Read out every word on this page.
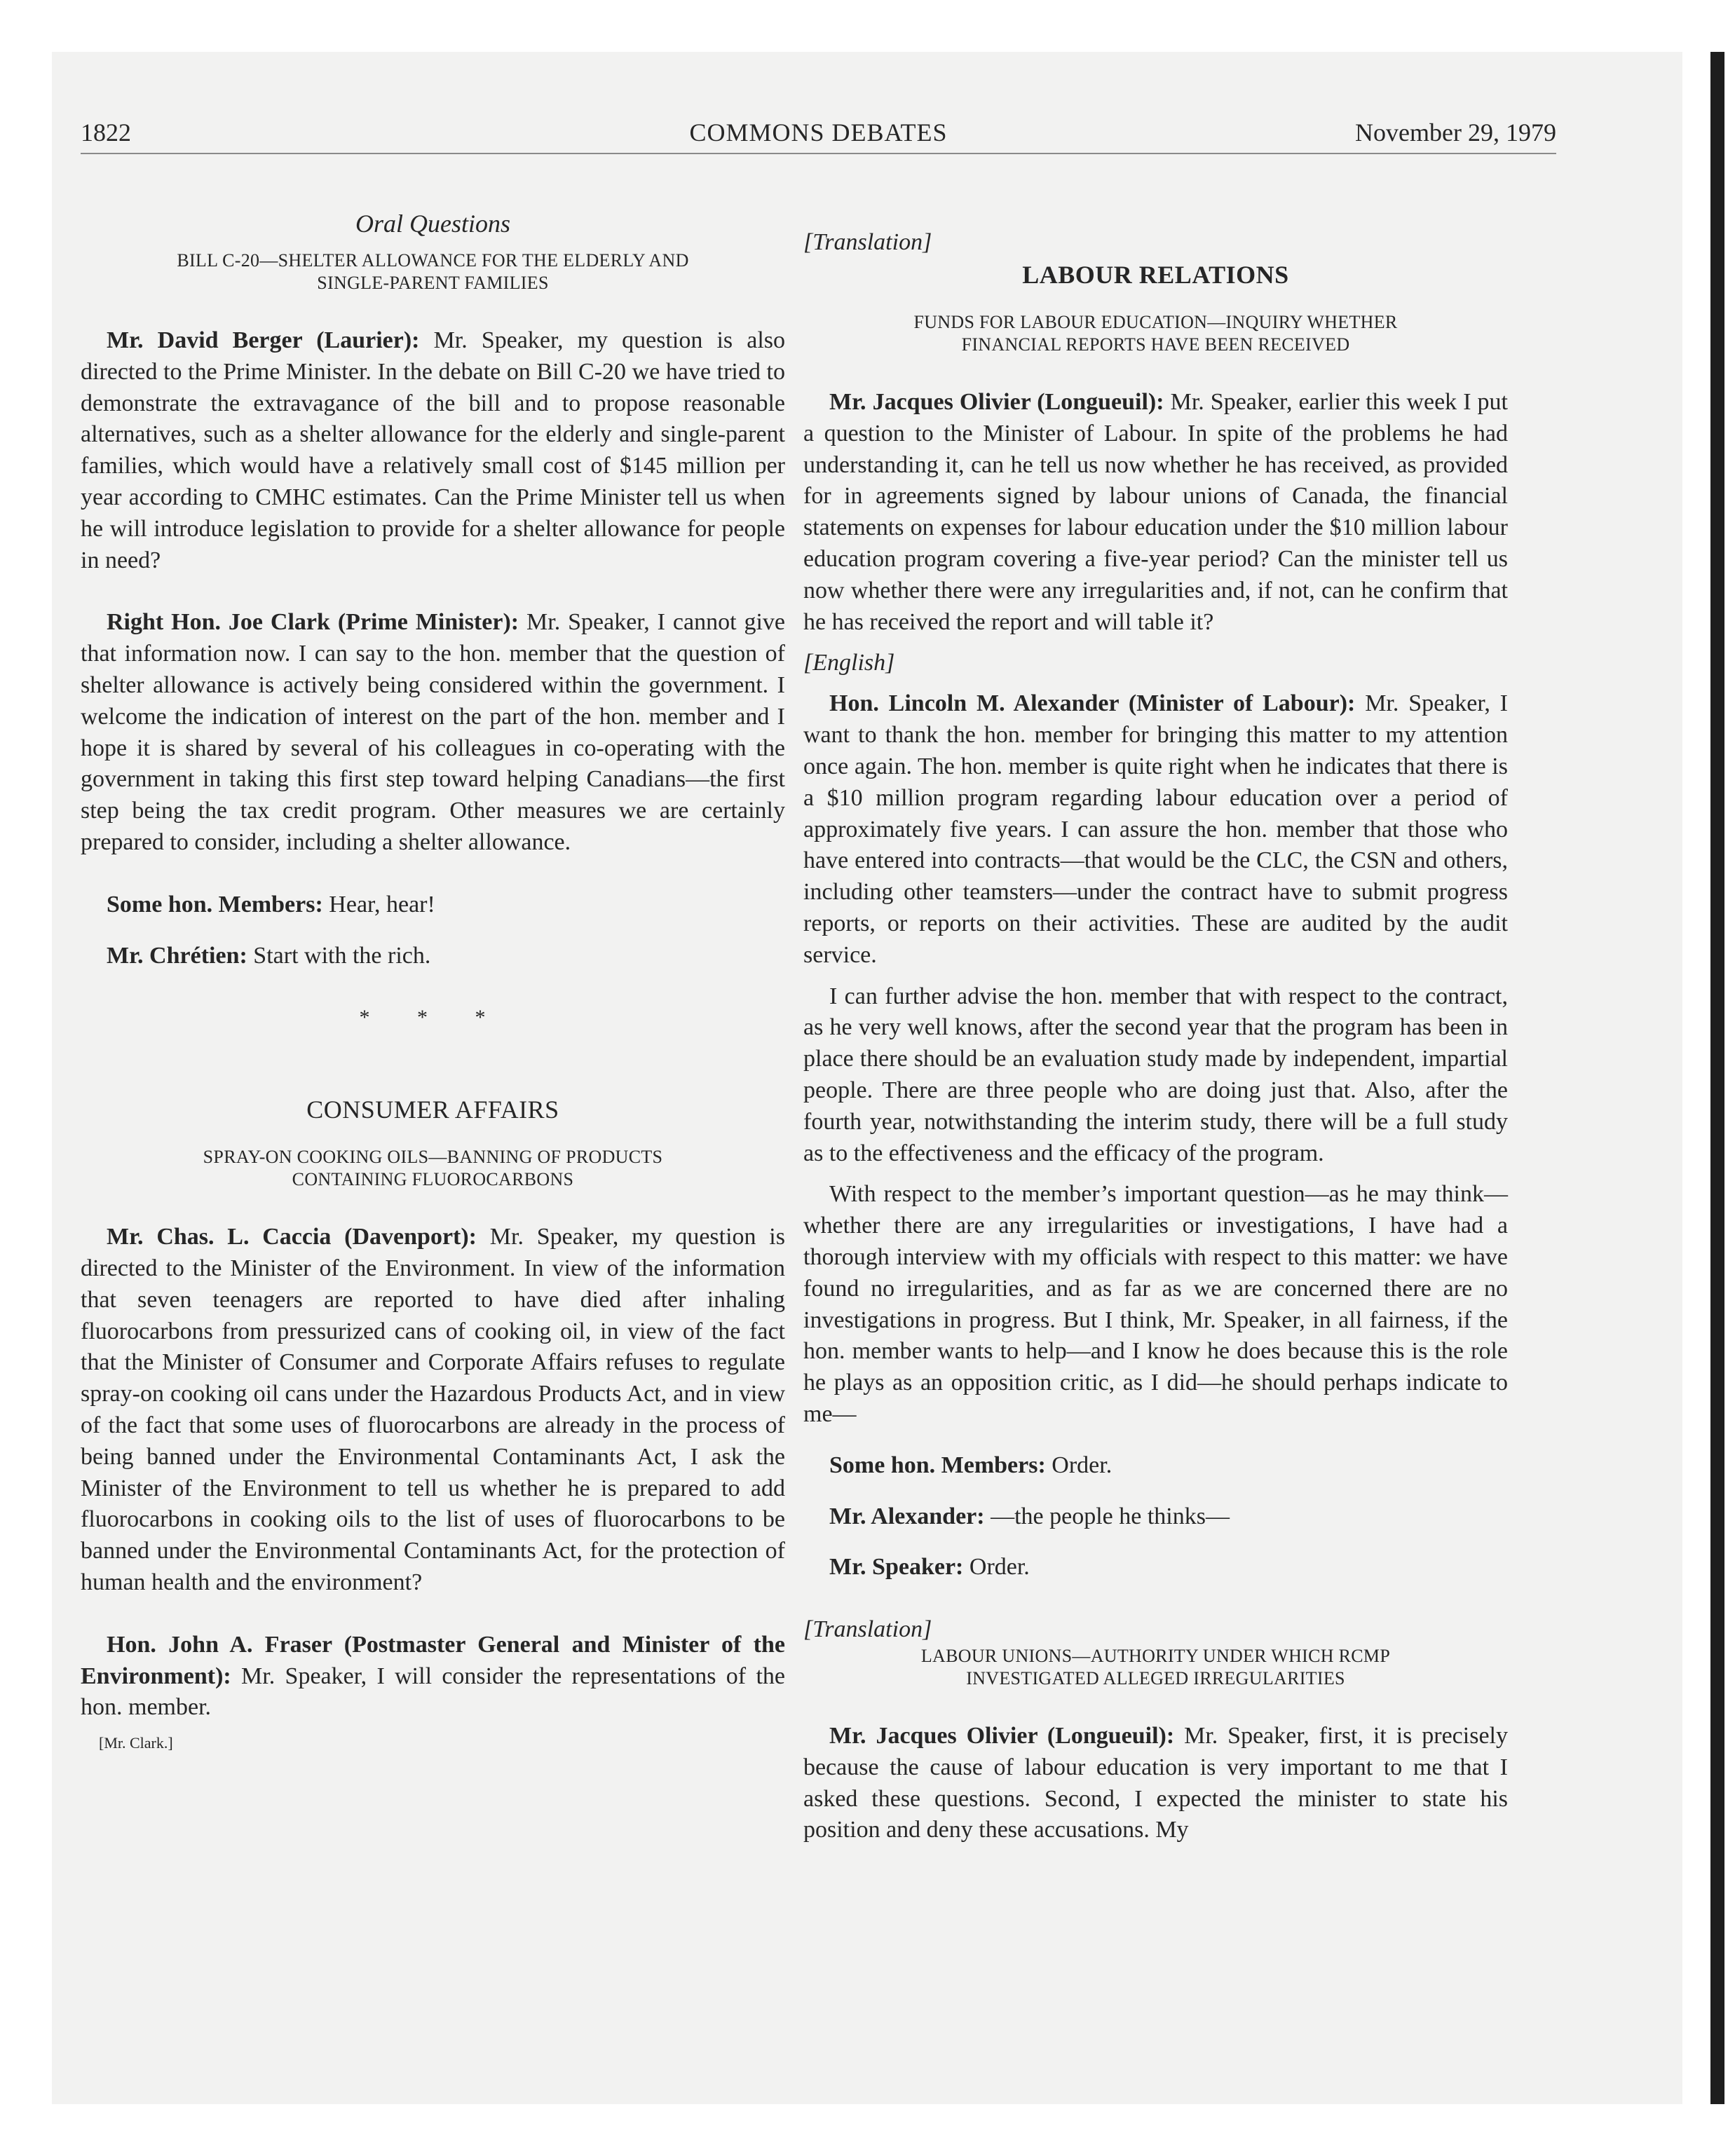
1822	COMMONS DEBATES	November 29, 1979
Oral Questions
BILL C-20—SHELTER ALLOWANCE FOR THE ELDERLY AND
SINGLE-PARENT FAMILIES

Mr. David Berger (Laurier): Mr. Speaker, my question is also directed to the Prime Minister. In the debate on Bill C-20 we have tried to demonstrate the extravagance of the bill and to propose reasonable alternatives, such as a shelter allowance for the elderly and single-parent families, which would have a relatively small cost of $145 million per year according to CMHC estimates. Can the Prime Minister tell us when he will introduce legislation to provide for a shelter allowance for people in need?

Right Hon. Joe Clark (Prime Minister): Mr. Speaker, I cannot give that information now. I can say to the hon. member that the question of shelter allowance is actively being considered within the government. I welcome the indication of interest on the part of the hon. member and I hope it is shared by several of his colleagues in co-operating with the government in taking this first step toward helping Canadians—the first step being the tax credit program. Other measures we are certainly prepared to consider, including a shelter allowance.

Some hon. Members: Hear, hear!

Mr. Chrétien: Start with the rich.

* * *
CONSUMER AFFAIRS
SPRAY-ON COOKING OILS—BANNING OF PRODUCTS
CONTAINING FLUOROCARBONS

Mr. Chas. L. Caccia (Davenport): Mr. Speaker, my question is directed to the Minister of the Environment. In view of the information that seven teenagers are reported to have died after inhaling fluorocarbons from pressurized cans of cooking oil, in view of the fact that the Minister of Consumer and Corporate Affairs refuses to regulate spray-on cooking oil cans under the Hazardous Products Act, and in view of the fact that some uses of fluorocarbons are already in the process of being banned under the Environmental Contaminants Act, I ask the Minister of the Environment to tell us whether he is prepared to add fluorocarbons in cooking oils to the list of uses of fluorocarbons to be banned under the Environmental Contaminants Act, for the protection of human health and the environment?

Hon. John A. Fraser (Postmaster General and Minister of the Environment): Mr. Speaker, I will consider the representations of the hon. member.

[Mr. Clark.]
[Translation]
LABOUR RELATIONS
FUNDS FOR LABOUR EDUCATION—INQUIRY WHETHER
FINANCIAL REPORTS HAVE BEEN RECEIVED

Mr. Jacques Olivier (Longueuil): Mr. Speaker, earlier this week I put a question to the Minister of Labour. In spite of the problems he had understanding it, can he tell us now whether he has received, as provided for in agreements signed by labour unions of Canada, the financial statements on expenses for labour education under the $10 million labour education program covering a five-year period? Can the minister tell us now whether there were any irregularities and, if not, can he confirm that he has received the report and will table it?

[English]

Hon. Lincoln M. Alexander (Minister of Labour): Mr. Speaker, I want to thank the hon. member for bringing this matter to my attention once again. The hon. member is quite right when he indicates that there is a $10 million program regarding labour education over a period of approximately five years. I can assure the hon. member that those who have entered into contracts—that would be the CLC, the CSN and others, including other teamsters—under the contract have to submit progress reports, or reports on their activities. These are audited by the audit service.

I can further advise the hon. member that with respect to the contract, as he very well knows, after the second year that the program has been in place there should be an evaluation study made by independent, impartial people. There are three people who are doing just that. Also, after the fourth year, notwithstanding the interim study, there will be a full study as to the effectiveness and the efficacy of the program.

With respect to the member’s important question—as he may think—whether there are any irregularities or investigations, I have had a thorough interview with my officials with respect to this matter: we have found no irregularities, and as far as we are concerned there are no investigations in progress. But I think, Mr. Speaker, in all fairness, if the hon. member wants to help—and I know he does because this is the role he plays as an opposition critic, as I did—he should perhaps indicate to me—

Some hon. Members: Order.

Mr. Alexander: —the people he thinks—

Mr. Speaker: Order.

[Translation]
LABOUR UNIONS—AUTHORITY UNDER WHICH RCMP
INVESTIGATED ALLEGED IRREGULARITIES

Mr. Jacques Olivier (Longueuil): Mr. Speaker, first, it is precisely because the cause of labour education is very important to me that I asked these questions. Second, I expected the minister to state his position and deny these accusations. My
